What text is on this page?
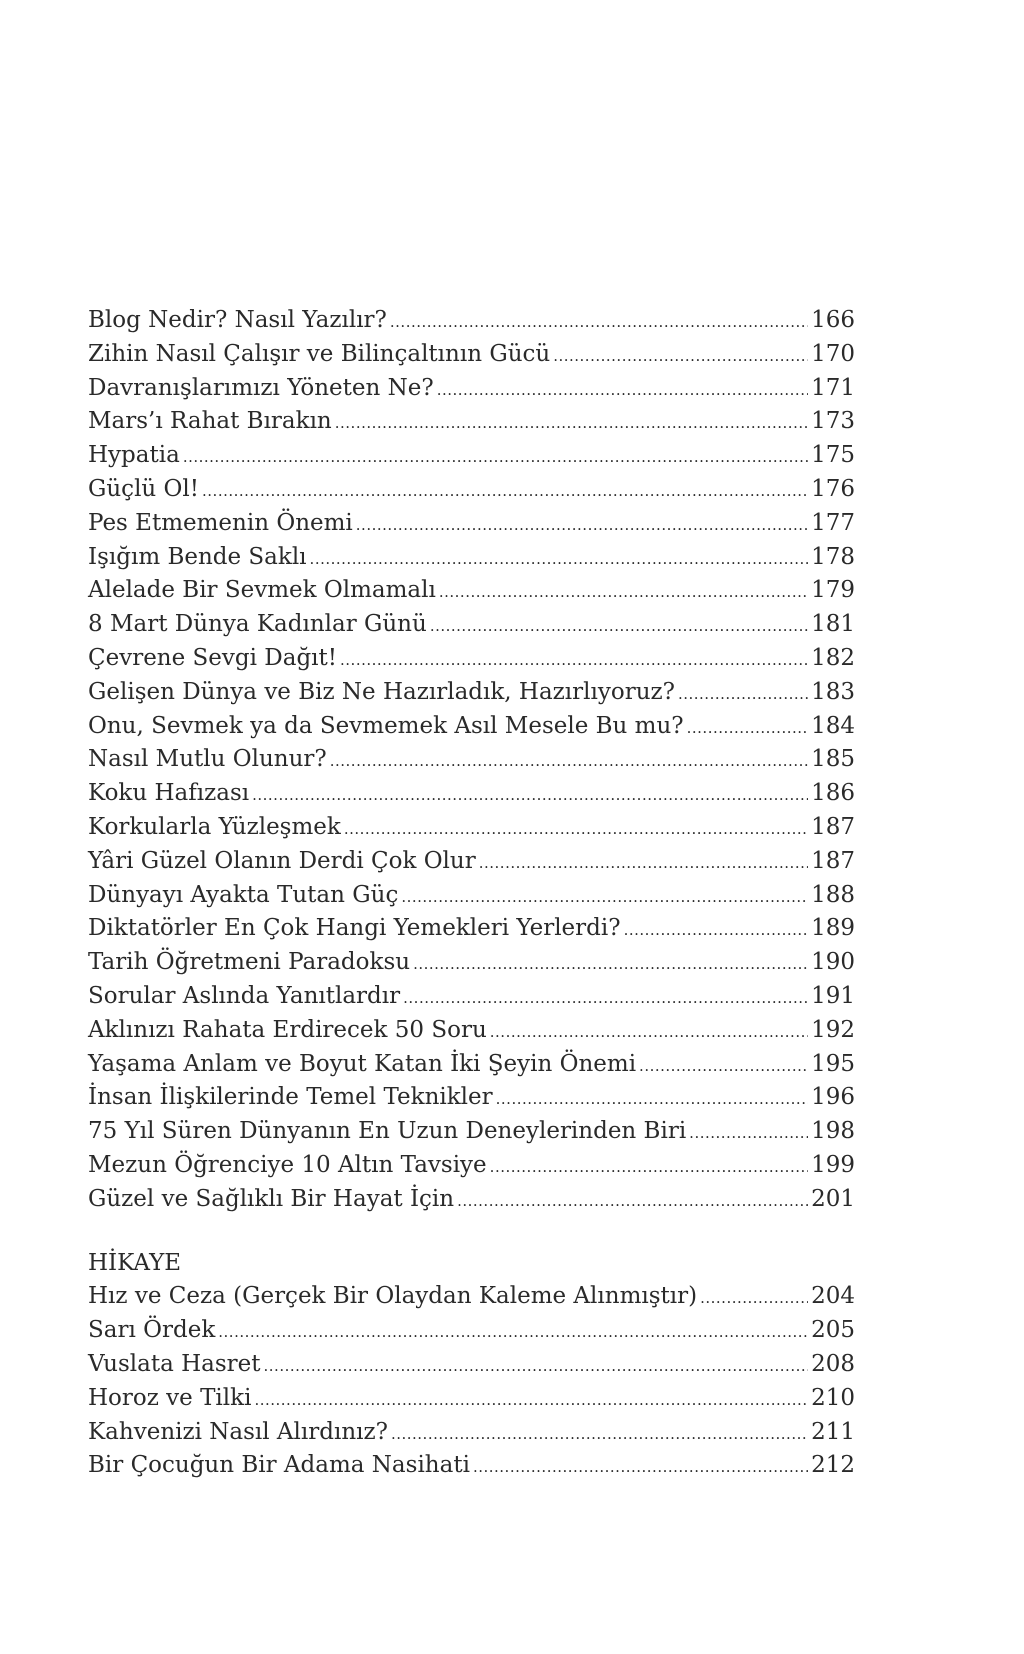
Blog Nedir? Nasıl Yazılır? .....	166
Zihin Nasıl Çalışır ve Bilinçaltının Gücü .....	170
Davranışlarımızı Yöneten Ne? .....	171
Mars’ı Rahat Bırakın .....	173
Hypatia .....	175
Güçlü Ol! .....	176
Pes Etmemenin Önemi .....	177
Işığım Bende Saklı .....	178
Alelade Bir Sevmek Olmamalı .....	179
8 Mart Dünya Kadınlar Günü .....	181
Çevrene Sevgi Dağıt! .....	182
Gelişen Dünya ve Biz Ne Hazırladık, Hazırlıyoruz? .....	183
Onu, Sevmek ya da Sevmemek Asıl Mesele Bu mu? .....	184
Nasıl Mutlu Olunur? .....	185
Koku Hafızası .....	186
Korkularla Yüzleşmek .....	187
Yâri Güzel Olanın Derdi Çok Olur .....	187
Dünyayı Ayakta Tutan Güç .....	188
Diktatörler En Çok Hangi Yemekleri Yerlerdi? .....	189
Tarih Öğretmeni Paradoksu .....	190
Sorular Aslında Yanıtlardır .....	191
Aklınızı Rahata Erdirecek 50 Soru .....	192
Yaşama Anlam ve Boyut Katan İki Şeyin Önemi .....	195
İnsan İlişkilerinde Temel Teknikler .....	196
75 Yıl Süren Dünyanın En Uzun Deneylerinden Biri .....	198
Mezun Öğrenciye 10 Altın Tavsiye .....	199
Güzel ve Sağlıklı Bir Hayat İçin .....	201
HİKAYE
Hız ve Ceza (Gerçek Bir Olaydan Kaleme Alınmıştır) .....	204
Sarı Ördek .....	205
Vuslata Hasret .....	208
Horoz ve Tilki .....	210
Kahvenizi Nasıl Alırdınız? .....	211
Bir Çocuğun Bir Adama Nasihati .....	212
